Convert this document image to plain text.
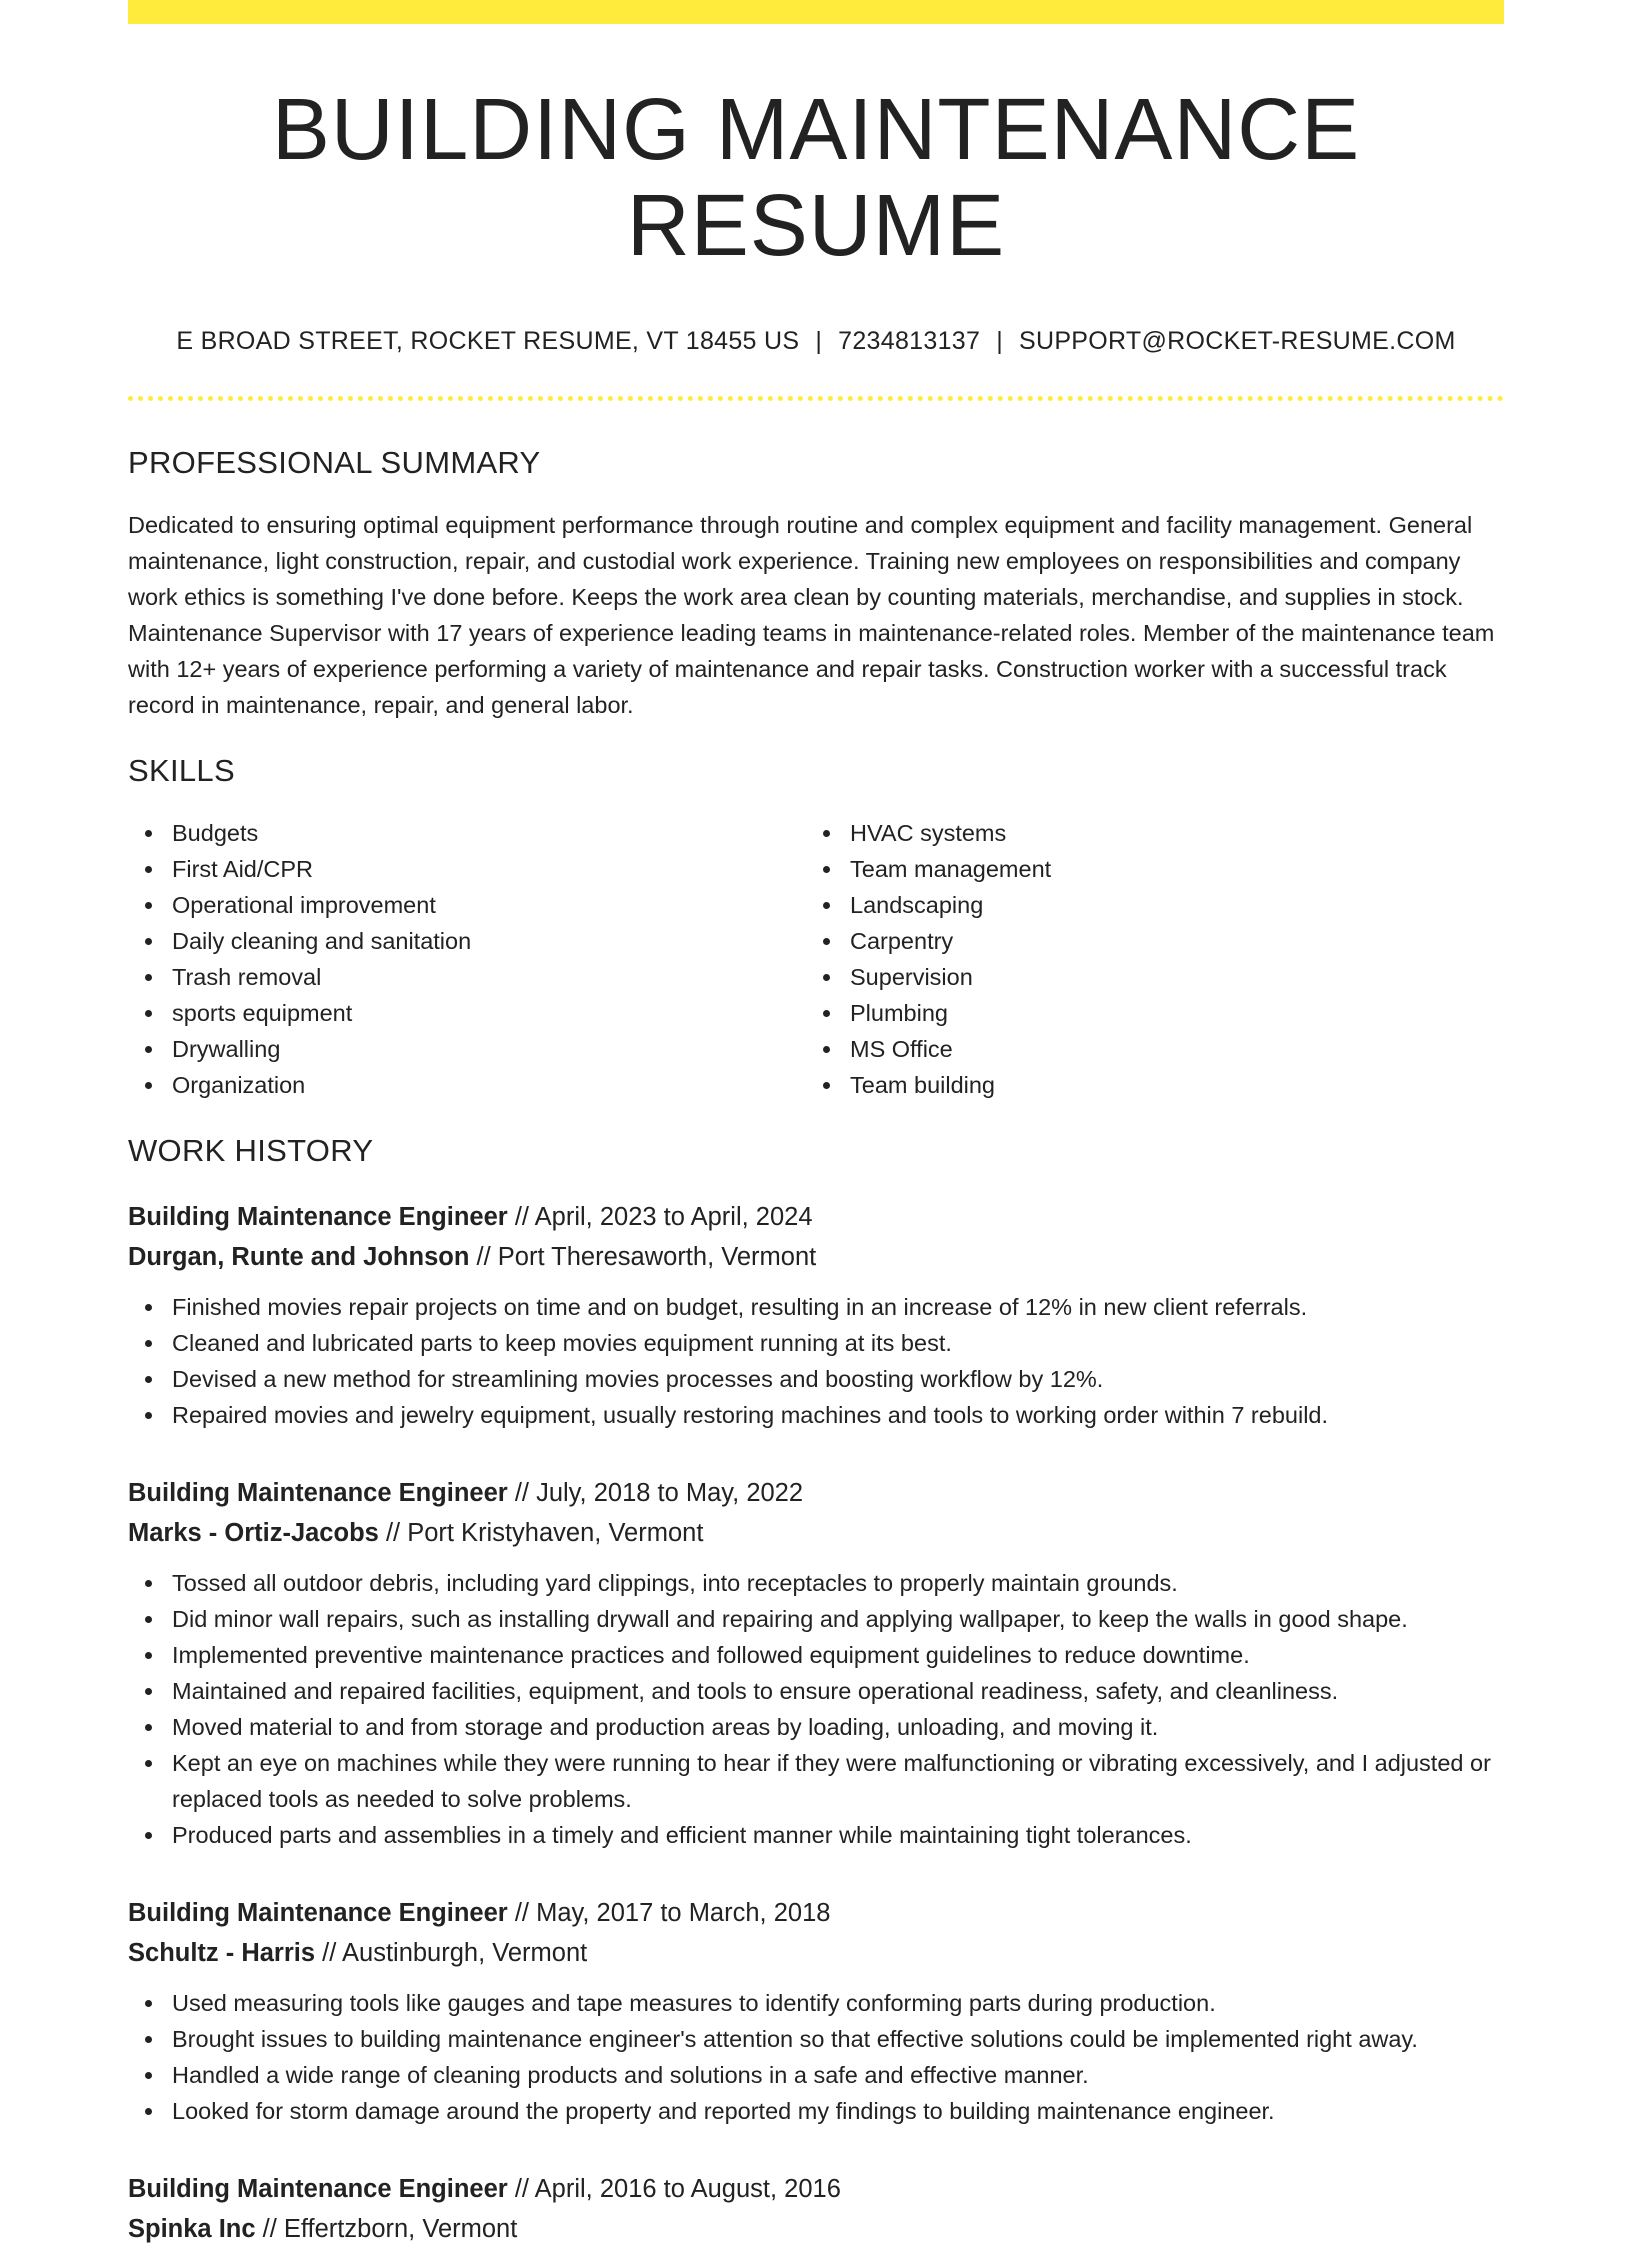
BUILDING MAINTENANCE RESUME
E BROAD STREET, ROCKET RESUME, VT 18455 US | 7234813137 | SUPPORT@ROCKET-RESUME.COM
PROFESSIONAL SUMMARY

Dedicated to ensuring optimal equipment performance through routine and complex equipment and facility management. General maintenance, light construction, repair, and custodial work experience. Training new employees on responsibilities and company work ethics is something I've done before. Keeps the work area clean by counting materials, merchandise, and supplies in stock. Maintenance Supervisor with 17 years of experience leading teams in maintenance-related roles. Member of the maintenance team with 12+ years of experience performing a variety of maintenance and repair tasks. Construction worker with a successful track record in maintenance, repair, and general labor.

SKILLS
Budgets
First Aid/CPR
Operational improvement
Daily cleaning and sanitation
Trash removal
sports equipment
Drywalling
Organization
HVAC systems
Team management
Landscaping
Carpentry
Supervision
Plumbing
MS Office
Team building
WORK HISTORY
Building Maintenance Engineer // April, 2023 to April, 2024
Durgan, Runte and Johnson // Port Theresaworth, Vermont
Finished movies repair projects on time and on budget, resulting in an increase of 12% in new client referrals.
Cleaned and lubricated parts to keep movies equipment running at its best.
Devised a new method for streamlining movies processes and boosting workflow by 12%.
Repaired movies and jewelry equipment, usually restoring machines and tools to working order within 7 rebuild.
Building Maintenance Engineer // July, 2018 to May, 2022
Marks - Ortiz-Jacobs // Port Kristyhaven, Vermont
Tossed all outdoor debris, including yard clippings, into receptacles to properly maintain grounds.
Did minor wall repairs, such as installing drywall and repairing and applying wallpaper, to keep the walls in good shape.
Implemented preventive maintenance practices and followed equipment guidelines to reduce downtime.
Maintained and repaired facilities, equipment, and tools to ensure operational readiness, safety, and cleanliness.
Moved material to and from storage and production areas by loading, unloading, and moving it.
Kept an eye on machines while they were running to hear if they were malfunctioning or vibrating excessively, and I adjusted or replaced tools as needed to solve problems.
Produced parts and assemblies in a timely and efficient manner while maintaining tight tolerances.
Building Maintenance Engineer // May, 2017 to March, 2018
Schultz - Harris // Austinburgh, Vermont
Used measuring tools like gauges and tape measures to identify conforming parts during production.
Brought issues to building maintenance engineer's attention so that effective solutions could be implemented right away.
Handled a wide range of cleaning products and solutions in a safe and effective manner.
Looked for storm damage around the property and reported my findings to building maintenance engineer.
Building Maintenance Engineer // April, 2016 to August, 2016
Spinka Inc // Effertzborn, Vermont
